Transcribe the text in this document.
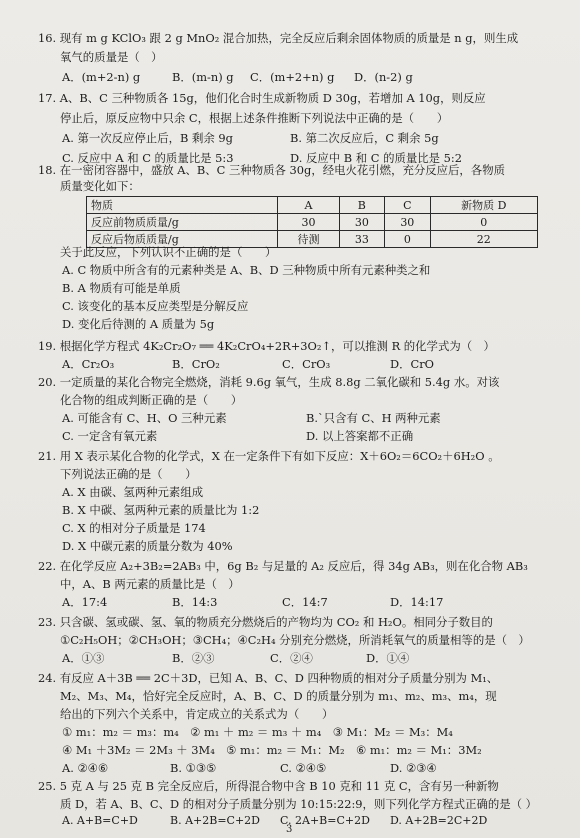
16. 现有 m g KClO₃ 跟 2 g MnO₂ 混合加热，完全反应后剩余固体物质的质量是 n g，则生成
氧气的质量是（　）
A．(m+2-n) g	B．(m-n) g C．(m+2+n) g D．(n-2) g
17. A、B、C 三种物质各 15g，他们化合时生成新物质 D 30g，若增加 A 10g，则反应
停止后，原反应物中只余 C，根据上述条件推断下列说法中正确的是（　　）
A. 第一次反应停止后，B 剩余 9g	B. 第二次反应后，C 剩余 5g
C. 反应中 A 和 C 的质量比是 5:3	D. 反应中 B 和 C 的质量比是 5:2
18. 在一密闭容器中，盛放 A、B、C 三种物质各 30g，经电火花引燃，充分反应后，各物质
质量变化如下：
物质	A	B	C	新物质 D
反应前物质质量/g	30	30	30	0
反应后物质质量/g	待测	33	0	22
关于此反应，下列认识不正确的是（　　）
A. C 物质中所含有的元素种类是 A、B、D 三种物质中所有元素种类之和
B. A 物质有可能是单质
C. 该变化的基本反应类型是分解反应
D. 变化后待测的 A 质量为 5g
19. 根据化学方程式 4K₂Cr₂O₇ ══ 4K₂CrO₄+2R+3O₂↑，可以推测 R 的化学式为（　）
A．Cr₂O₃	B．CrO₂	C．CrO₃	D．CrO
20. 一定质量的某化合物完全燃烧，消耗 9.6g 氧气，生成 8.8g 二氧化碳和 5.4g 水。对该
化合物的组成判断正确的是（　　）
A. 可能含有 C、H、O 三种元素	B.`只含有 C、H 两种元素
C. 一定含有氧元素	D. 以上答案都不正确
21. 用 X 表示某化合物的化学式，X 在一定条件下有如下反应：X＋6O₂＝6CO₂＋6H₂O 。
下列说法正确的是（　　）
A. X 由碳、氢两种元素组成
B. X 中碳、氢两种元素的质量比为 1:2
C. X 的相对分子质量是 174
D. X 中碳元素的质量分数为 40%
22. 在化学反应 A₂+3B₂=2AB₃ 中，6g B₂ 与足量的 A₂ 反应后，得 34g AB₃，则在化合物 AB₃
中，A、B 两元素的质量比是（　）
A．17:4	B．14:3	C．14:7	D．14:17
23. 只含碳、氢或碳、氢、氧的物质充分燃烧后的产物均为 CO₂ 和 H₂O。相同分子数目的
①C₂H₅OH；②CH₃OH；③CH₄；④C₂H₄ 分别充分燃烧，所消耗氧气的质量相等的是（　）
A．①③	B．②③	C．②④	D．①④
24. 有反应 A＋3B ══ 2C＋3D，已知 A、B、C、D 四种物质的相对分子质量分别为 M₁、
M₂、M₃、M₄，恰好完全反应时，A、B、C、D 的质量分别为 m₁、m₂、m₃、m₄，现
给出的下列六个关系中，肯定成立的关系式为（　　）
① m₁：m₂ ＝ m₃：m₄　② m₁ ＋ m₂ ＝ m₃ ＋ m₄　③ M₁：M₂ ＝ M₃：M₄
④ M₁ ＋3M₂ ＝ 2M₃ ＋ 3M₄　⑤ m₁：m₂ ＝ M₁：M₂　⑥ m₁：m₂ ＝ M₁：3M₂
A. ②④⑥	B. ①③⑤	C. ②④⑤	D. ②③④
25. 5 克 A 与 25 克 B 完全反应后，所得混合物中含 B 10 克和 11 克 C，含有另一种新物
质 D，若 A、B、C、D 的相对分子质量分别为 10:15:22:9，则下列化学方程式正确的是（ ）
A. A+B=C+D	B. A+2B=C+2D C. 2A+B=C+2D D. A+2B=2C+2D
3
